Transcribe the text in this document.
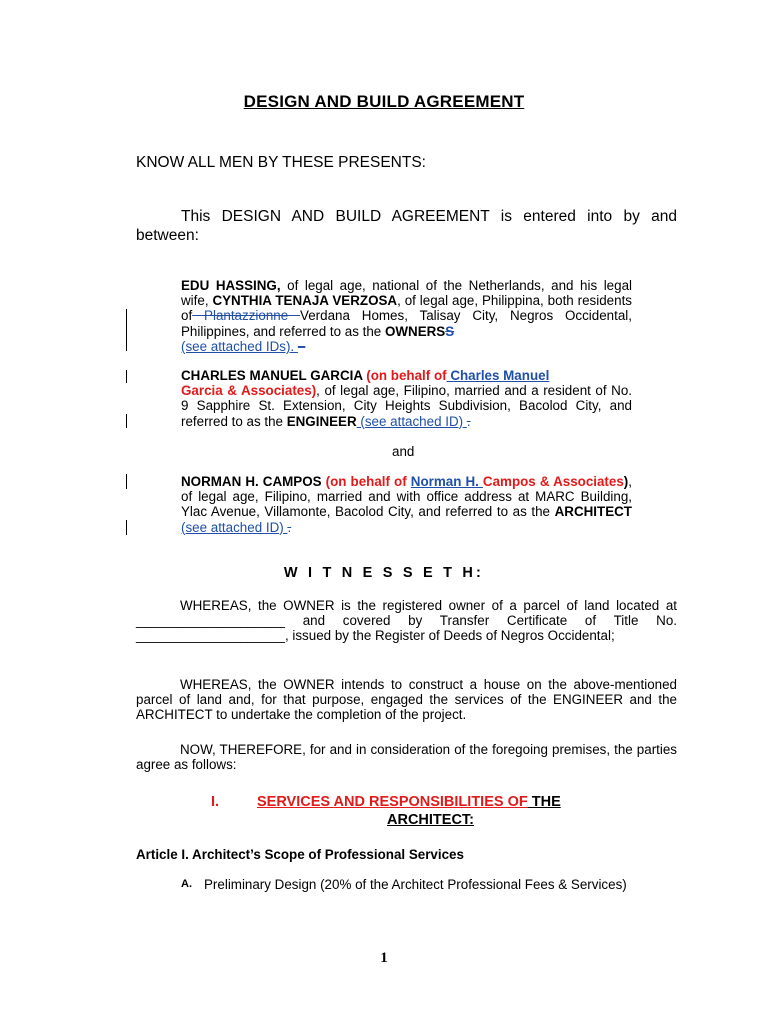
DESIGN AND BUILD AGREEMENT
KNOW ALL MEN BY THESE PRESENTS:
This DESIGN AND BUILD AGREEMENT is entered into by and between:
EDU HASSING, of legal age, national of the Netherlands, and his legal wife, CYNTHIA TENAJA VERZOSA, of legal age, Philippina, both residents of Plantazzionne Verdana Homes, Talisay City, Negros Occidental, Philippines, and referred to as the OWNERSS
(see attached IDs). –
CHARLES MANUEL GARCIA (on behalf of Charles Manuel
Garcia & Associates), of legal age, Filipino, married and a resident of No. 9 Sapphire St. Extension, City Heights Subdivision, Bacolod City, and referred to as the ENGINEER (see attached ID) .
and
NORMAN H. CAMPOS (on behalf of Norman H. Campos & Associates), of legal age, Filipino, married and with office address at MARC Building, Ylac Avenue, Villamonte, Bacolod City, and referred to as the ARCHITECT (see attached ID) .
W I T N E S S E T H:
WHEREAS, the OWNER is the registered owner of a parcel of land located at ____________________ and covered by Transfer Certificate of Title No. ____________________, issued by the Register of Deeds of Negros Occidental;
WHEREAS, the OWNER intends to construct a house on the above-mentioned parcel of land and, for that purpose, engaged the services of the ENGINEER and the ARCHITECT to undertake the completion of the project.
NOW, THEREFORE, for and in consideration of the foregoing premises, the parties agree as follows:
I.	SERVICES AND RESPONSIBILITIES OF THE
ARCHITECT:
Article I. Architect’s Scope of Professional Services
A. Preliminary Design (20% of the Architect Professional Fees & Services)
1
